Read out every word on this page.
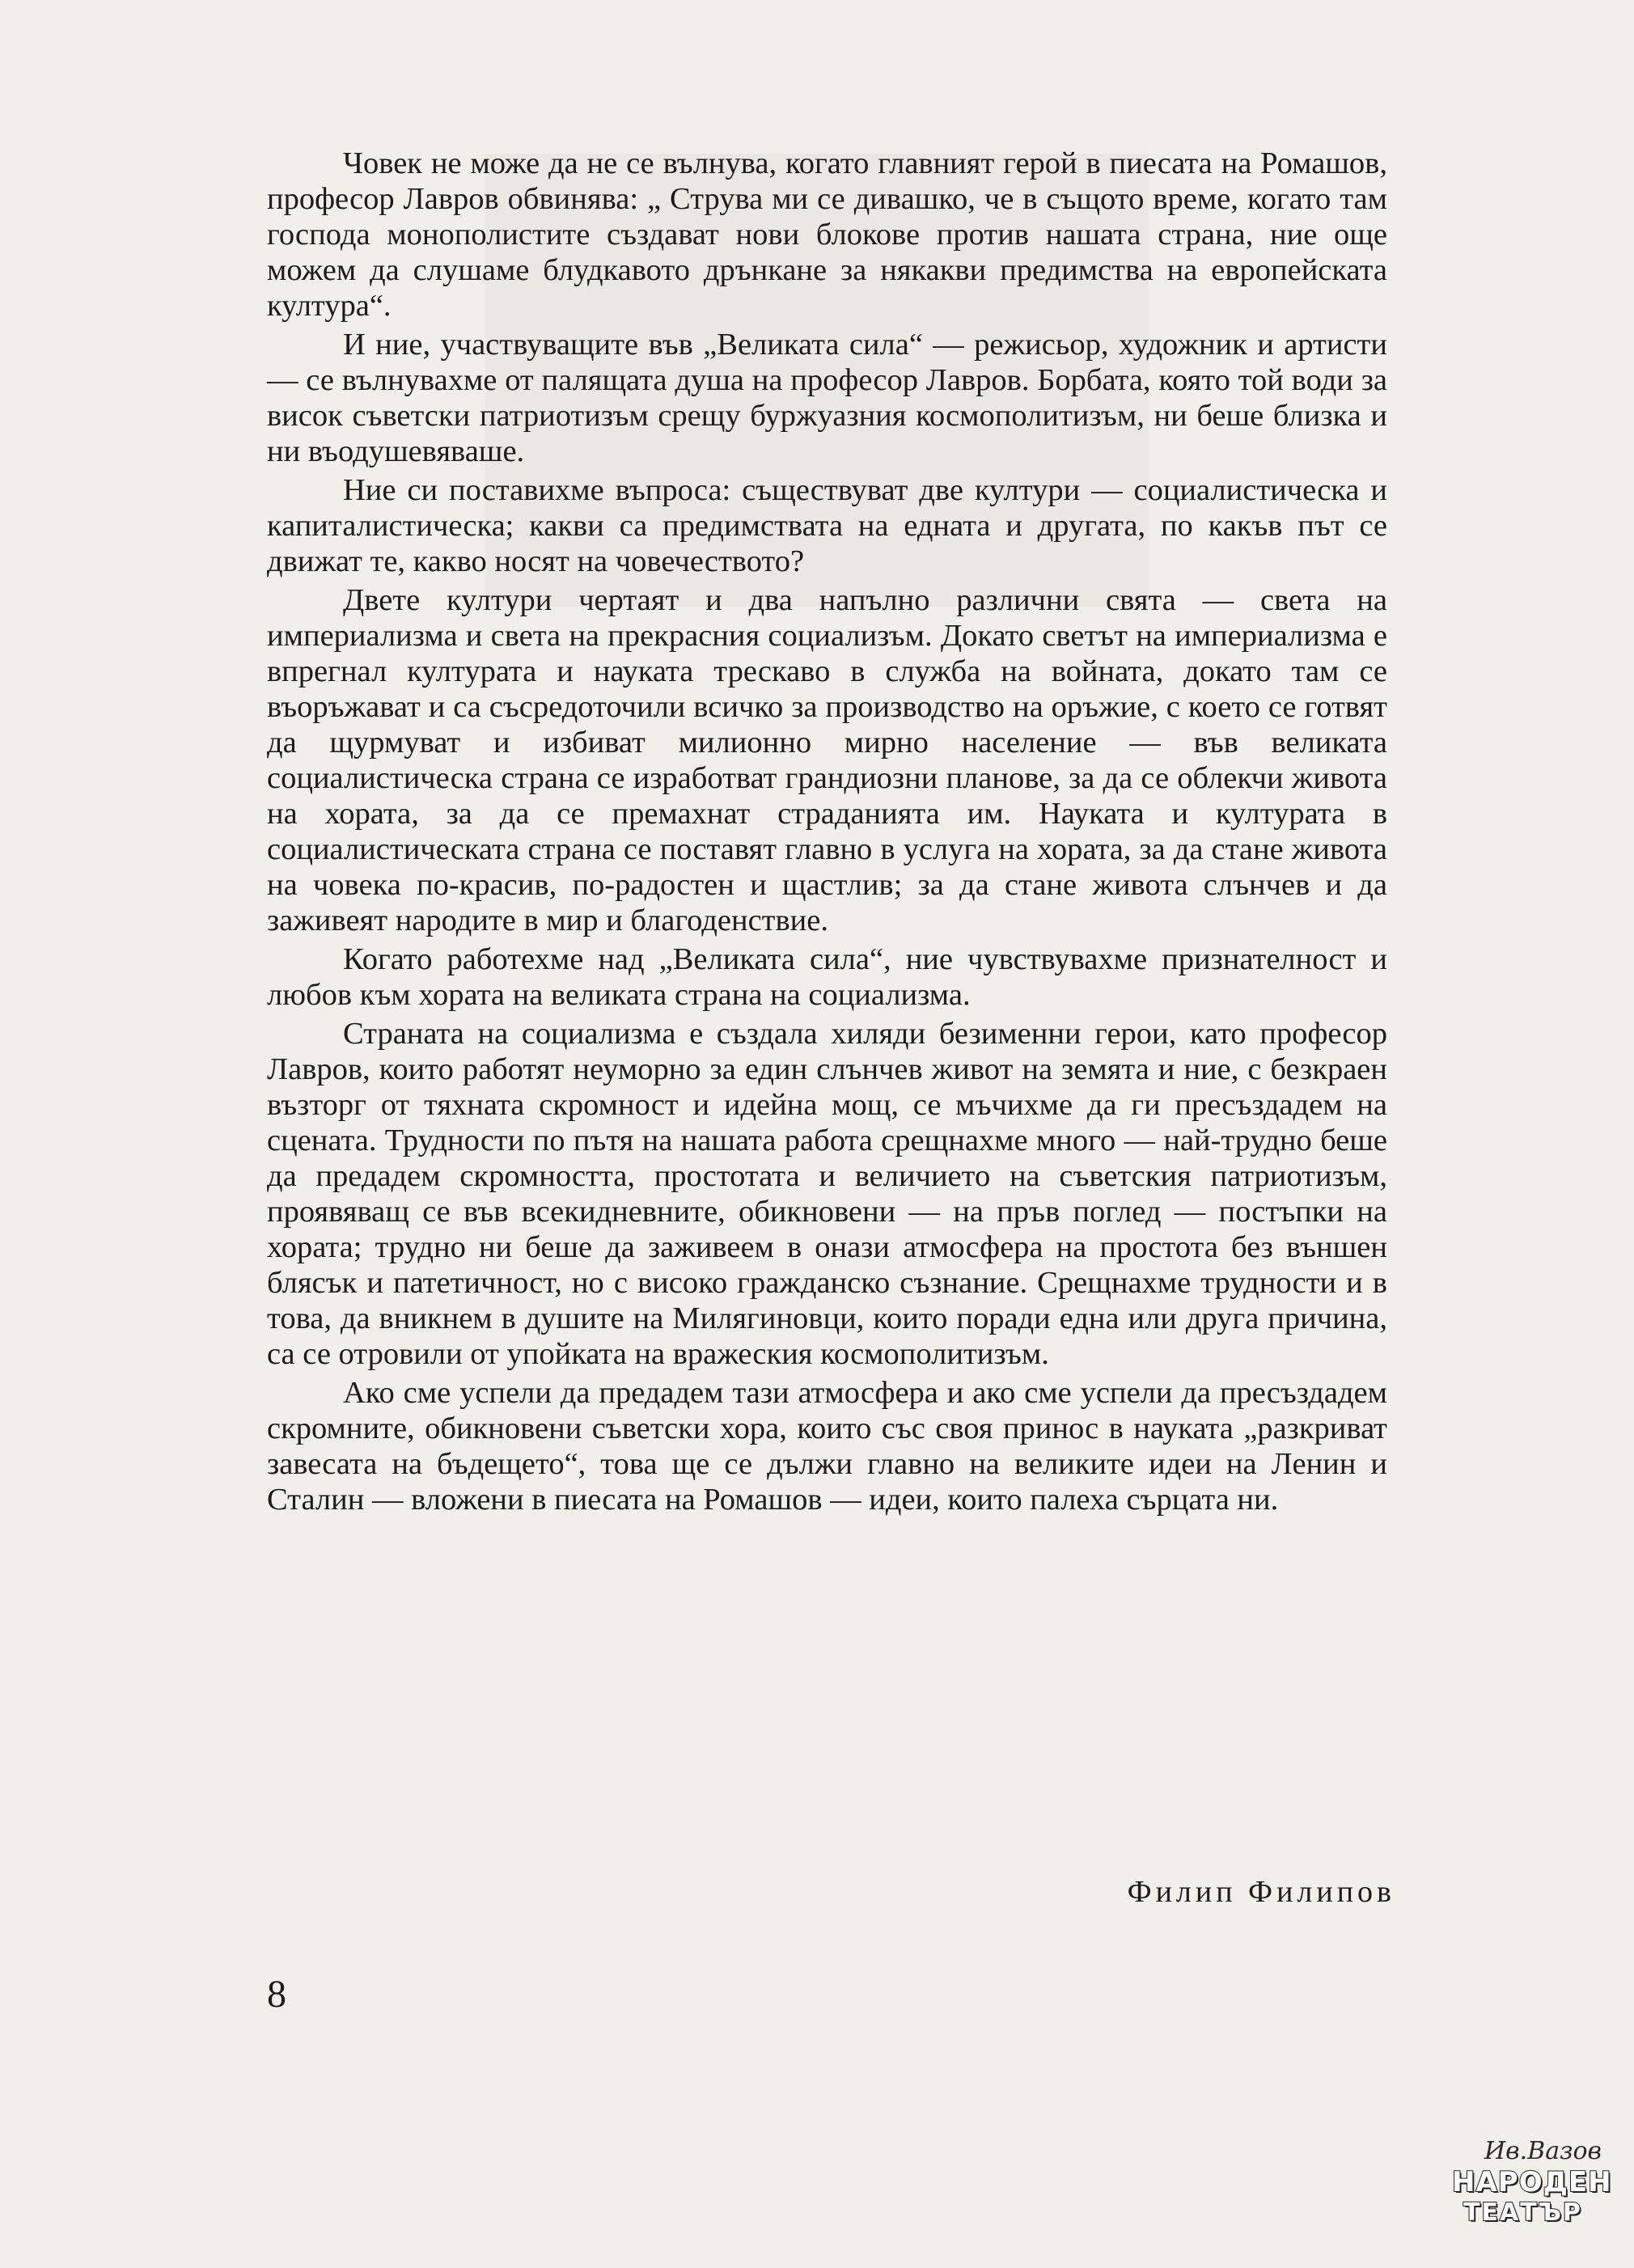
Човек не може да не се вълнува, когато главният герой в пиесата на Ромашов, професор Лавров обвинява: „ Струва ми се дивашко, че в същото време, когато там господа монополистите създават нови блокове против нашата страна, ние още можем да слушаме блудкавото дрънкане за някакви предимства на европейската култура“.

И ние, участвуващите във „Великата сила“ — режисьор, художник и артисти — се вълнувахме от палящата душа на професор Лавров. Борбата, която той води за висок съветски патриотизъм срещу буржуазния космополитизъм, ни беше близка и ни въодушевяваше.

Ние си поставихме въпроса: съществуват две култури — социалистическа и капиталистическа; какви са предимствата на едната и другата, по какъв път се движат те, какво носят на човечеството?

Двете култури чертаят и два напълно различни свята — света на империализма и света на прекрасния социализъм. Докато светът на империализма е впрегнал културата и науката трескаво в служба на войната, докато там се въоръжават и са съсредоточили всичко за производство на оръжие, с което се готвят да щурмуват и избиват милионно мирно население — във великата социалистическа страна се изработват грандиозни планове, за да се облекчи живота на хората, за да се премахнат страданията им. Науката и културата в социалистическата страна се поставят главно в услуга на хората, за да стане живота на човека по-красив, по-радостен и щастлив; за да стане живота слънчев и да заживеят народите в мир и благоденствие.

Когато работехме над „Великата сила“, ние чувствувахме признателност и любов към хората на великата страна на социализма.

Страната на социализма е създала хиляди безименни герои, като професор Лавров, които работят неуморно за един слънчев живот на земята и ние, с безкраен възторг от тяхната скромност и идейна мощ, се мъчихме да ги пресъздадем на сцената. Трудности по пътя на нашата работа срещнахме много — най-трудно беше да предадем скромността, простотата и величието на съветския патриотизъм, проявяващ се във всекидневните, обикновени — на пръв поглед — постъпки на хората; трудно ни беше да заживеем в онази атмосфера на простота без външен блясък и патетичност, но с високо гражданско съзнание. Срещнахме трудности и в това, да вникнем в душите на Милягиновци, които поради една или друга причина, са се отровили от упойката на вражеския космополитизъм.

Ако сме успели да предадем тази атмосфера и ако сме успели да пресъздадем скромните, обикновени съветски хора, които със своя принос в науката „разкриват завесата на бъдещето“, това ще се дължи главно на великите идеи на Ленин и Сталин — вложени в пиесата на Ромашов — идеи, които палеха сърцата ни.

Филип Филипов
8
Ив.Вазов
НАРОДЕН
ТЕАТЪР
